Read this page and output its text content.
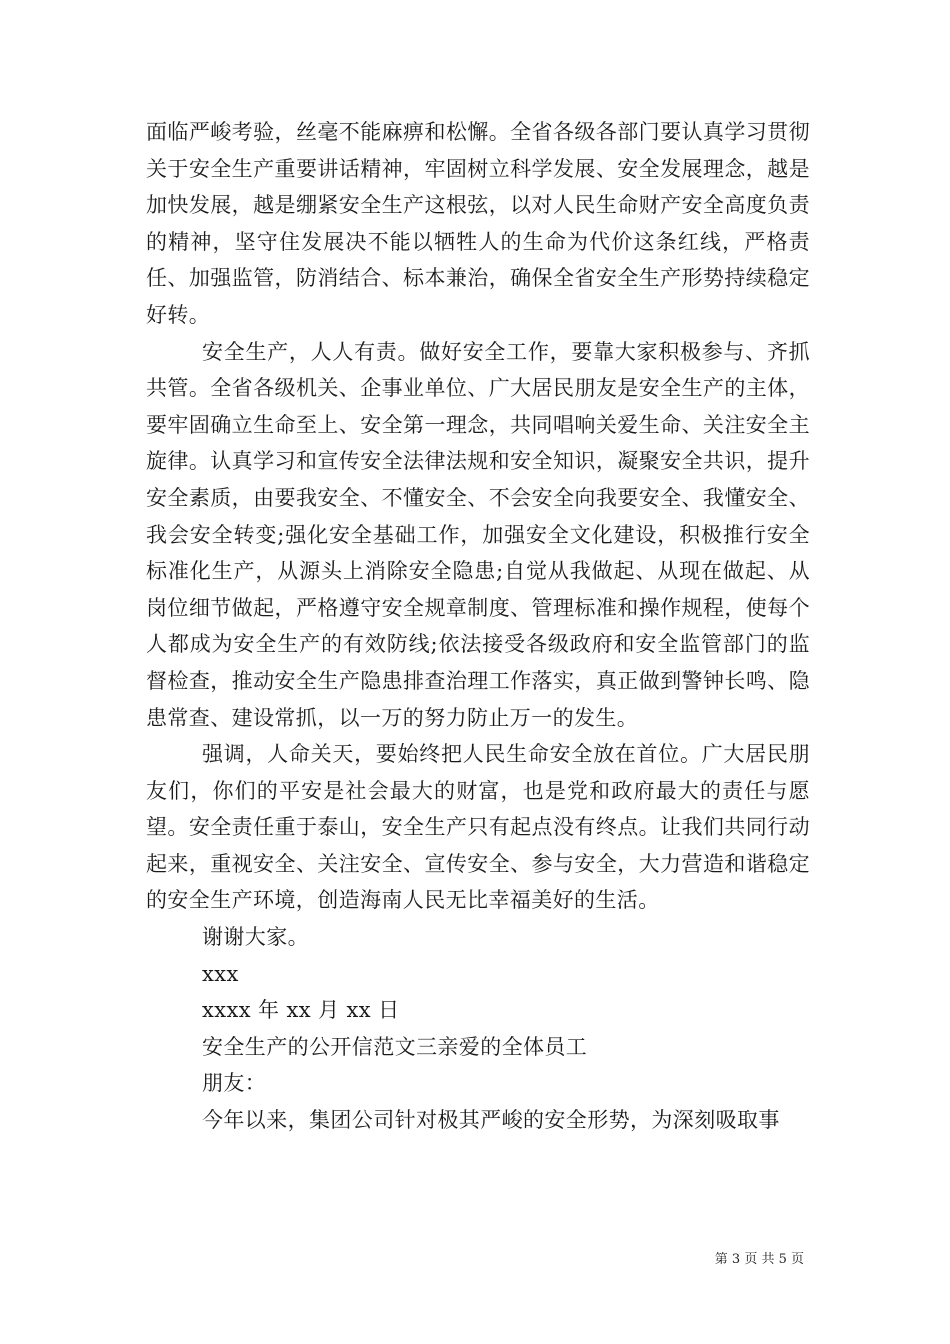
面临严峻考验，丝毫不能麻痹和松懈。全省各级各部门要认真学习贯彻关于安全生产重要讲话精神，牢固树立科学发展、安全发展理念，越是加快发展，越是绷紧安全生产这根弦，以对人民生命财产安全高度负责的精神，坚守住发展决不能以牺牲人的生命为代价这条红线，严格责任、加强监管，防消结合、标本兼治，确保全省安全生产形势持续稳定好转。

安全生产，人人有责。做好安全工作，要靠大家积极参与、齐抓共管。全省各级机关、企事业单位、广大居民朋友是安全生产的主体，要牢固确立生命至上、安全第一理念，共同唱响关爱生命、关注安全主旋律。认真学习和宣传安全法律法规和安全知识，凝聚安全共识，提升安全素质，由要我安全、不懂安全、不会安全向我要安全、我懂安全、我会安全转变;强化安全基础工作，加强安全文化建设，积极推行安全标准化生产，从源头上消除安全隐患;自觉从我做起、从现在做起、从岗位细节做起，严格遵守安全规章制度、管理标准和操作规程，使每个人都成为安全生产的有效防线;依法接受各级政府和安全监管部门的监督检查，推动安全生产隐患排查治理工作落实，真正做到警钟长鸣、隐患常查、建设常抓，以一万的努力防止万一的发生。

强调，人命关天，要始终把人民生命安全放在首位。广大居民朋友们，你们的平安是社会最大的财富，也是党和政府最大的责任与愿望。安全责任重于泰山，安全生产只有起点没有终点。让我们共同行动起来，重视安全、关注安全、宣传安全、参与安全，大力营造和谐稳定的安全生产环境，创造海南人民无比幸福美好的生活。

谢谢大家。

xxx

xxxx 年 xx 月 xx 日

安全生产的公开信范文三亲爱的全体员工

朋友：

今年以来，集团公司针对极其严峻的安全形势，为深刻吸取事

第 3 页 共 5 页
